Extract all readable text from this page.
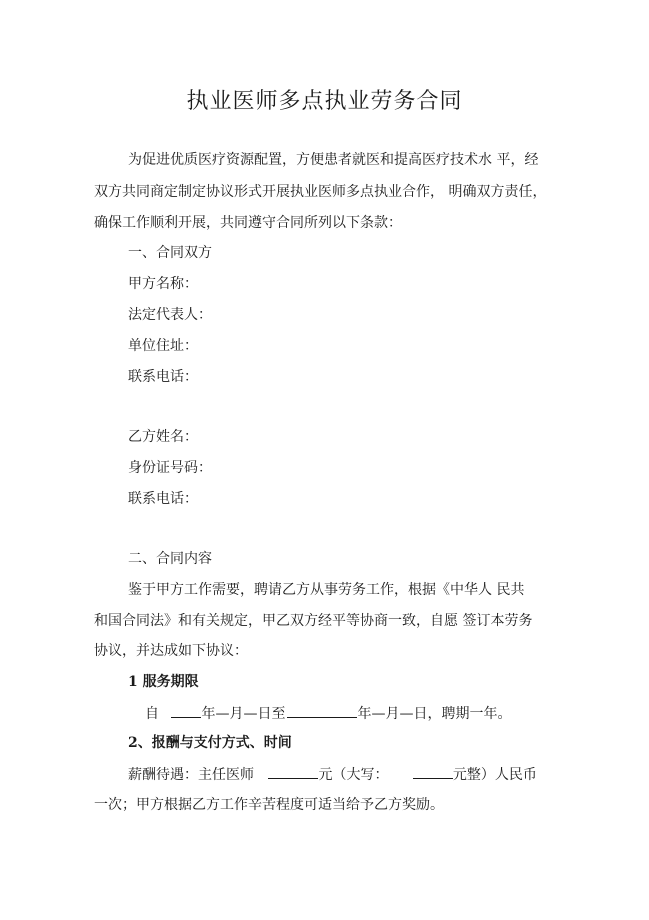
执业医师多点执业劳务合同
为促进优质医疗资源配置，方便患者就医和提高医疗技术水 平，经
双方共同商定制定协议形式开展执业医师多点执业合作， 明确双方责任，
确保工作顺利开展，共同遵守合同所列以下条款：
一、合同双方
甲方名称：
法定代表人：
单位住址：
联系电话：
乙方姓名：
身份证号码：
联系电话：
二、合同内容
鉴于甲方工作需要，聘请乙方从事劳务工作，根据《中华人 民共
和国合同法》和有关规定，甲乙双方经平等协商一致，自愿 签订本劳务
协议，并达成如下协议：
1 服务期限
自	年—月—日至	年—月—日，聘期一年。
2、报酬与支付方式、时间
薪酬待遇：主任医师	元（大写：	元整）人民币
一次；甲方根据乙方工作辛苦程度可适当给予乙方奖励。
